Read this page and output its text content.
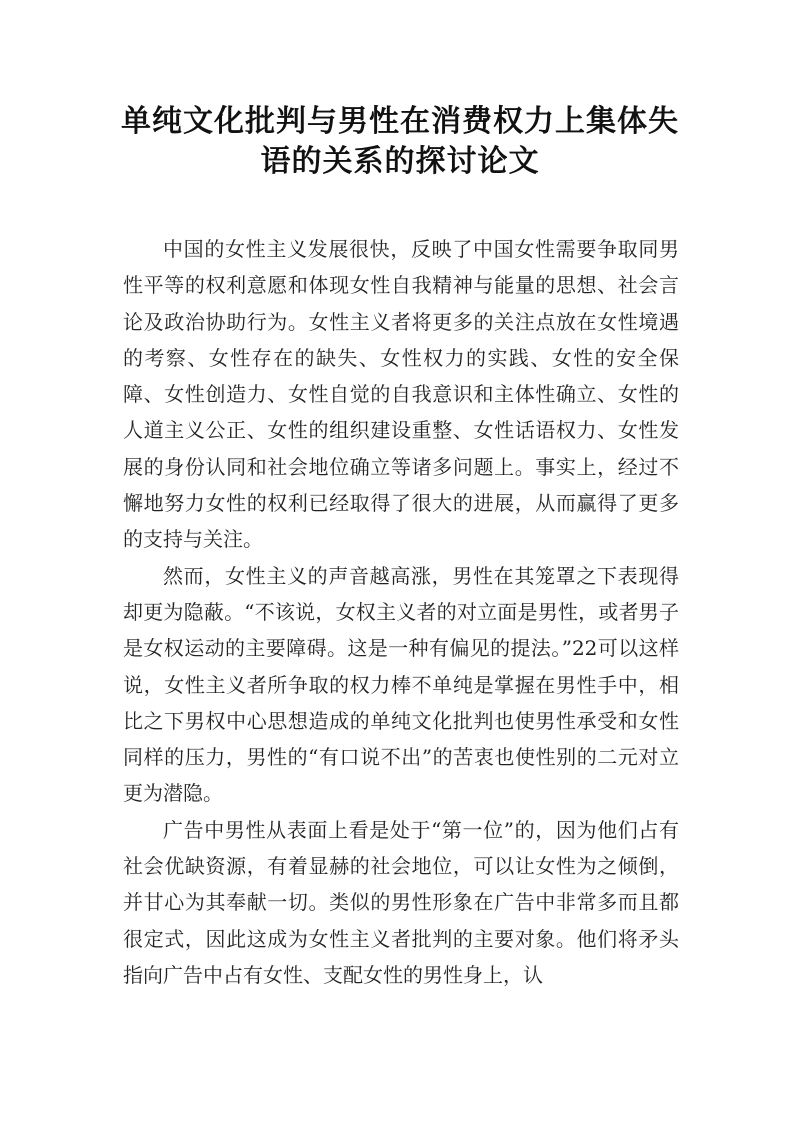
单纯文化批判与男性在消费权力上集体失
语的关系的探讨论文

中国的女性主义发展很快，反映了中国女性需要争取同男性平等的权利意愿和体现女性自我精神与能量的思想、社会言论及政治协助行为。女性主义者将更多的关注点放在女性境遇的考察、女性存在的缺失、女性权力的实践、女性的安全保障、女性创造力、女性自觉的自我意识和主体性确立、女性的人道主义公正、女性的组织建设重整、女性话语权力、女性发展的身份认同和社会地位确立等诸多问题上。事实上，经过不懈地努力女性的权利已经取得了很大的进展，从而赢得了更多的支持与关注。

然而，女性主义的声音越高涨，男性在其笼罩之下表现得却更为隐蔽。“不该说，女权主义者的对立面是男性，或者男子是女权运动的主要障碍。这是一种有偏见的提法。”22可以这样说，女性主义者所争取的权力棒不单纯是掌握在男性手中，相比之下男权中心思想造成的单纯文化批判也使男性承受和女性同样的压力，男性的“有口说不出”的苦衷也使性别的二元对立更为潜隐。

广告中男性从表面上看是处于“第一位”的，因为他们占有社会优缺资源，有着显赫的社会地位，可以让女性为之倾倒，并甘心为其奉献一切。类似的男性形象在广告中非常多而且都很定式，因此这成为女性主义者批判的主要对象。他们将矛头指向广告中占有女性、支配女性的男性身上，认
